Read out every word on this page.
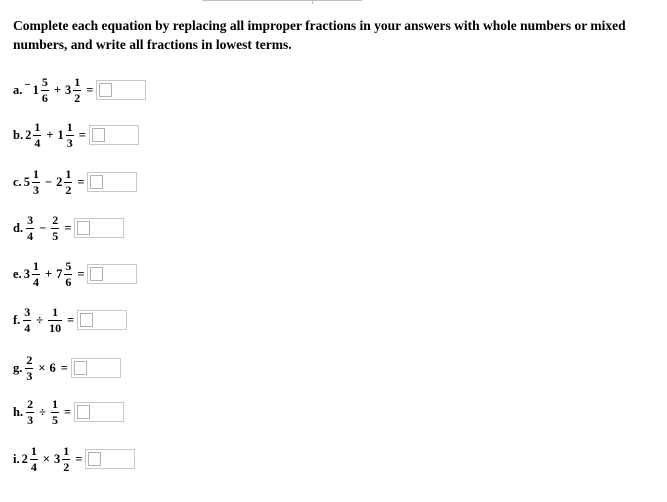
Complete each equation by replacing all improper fractions in your answers with whole numbers or mixed numbers, and write all fractions in lowest terms.
a. − $1 \frac{5}{6} + 3 \frac{1}{2}$ =
b. $2 \frac{1}{4} + 1 \frac{1}{3}$ =
c. $5 \frac{1}{3} - 2 \frac{1}{2}$ =
d. $\frac{3}{4} - \frac{2}{5}$ =
e. $3 \frac{1}{4} + 7 \frac{5}{6}$ =
f. $\frac{3}{4} \div \frac{1}{10}$ =
g. $\frac{2}{3} \times 6$ =
h. $\frac{2}{3} \div \frac{1}{5}$ =
i. $2 \frac{1}{4} \times 3 \frac{1}{2}$ =
